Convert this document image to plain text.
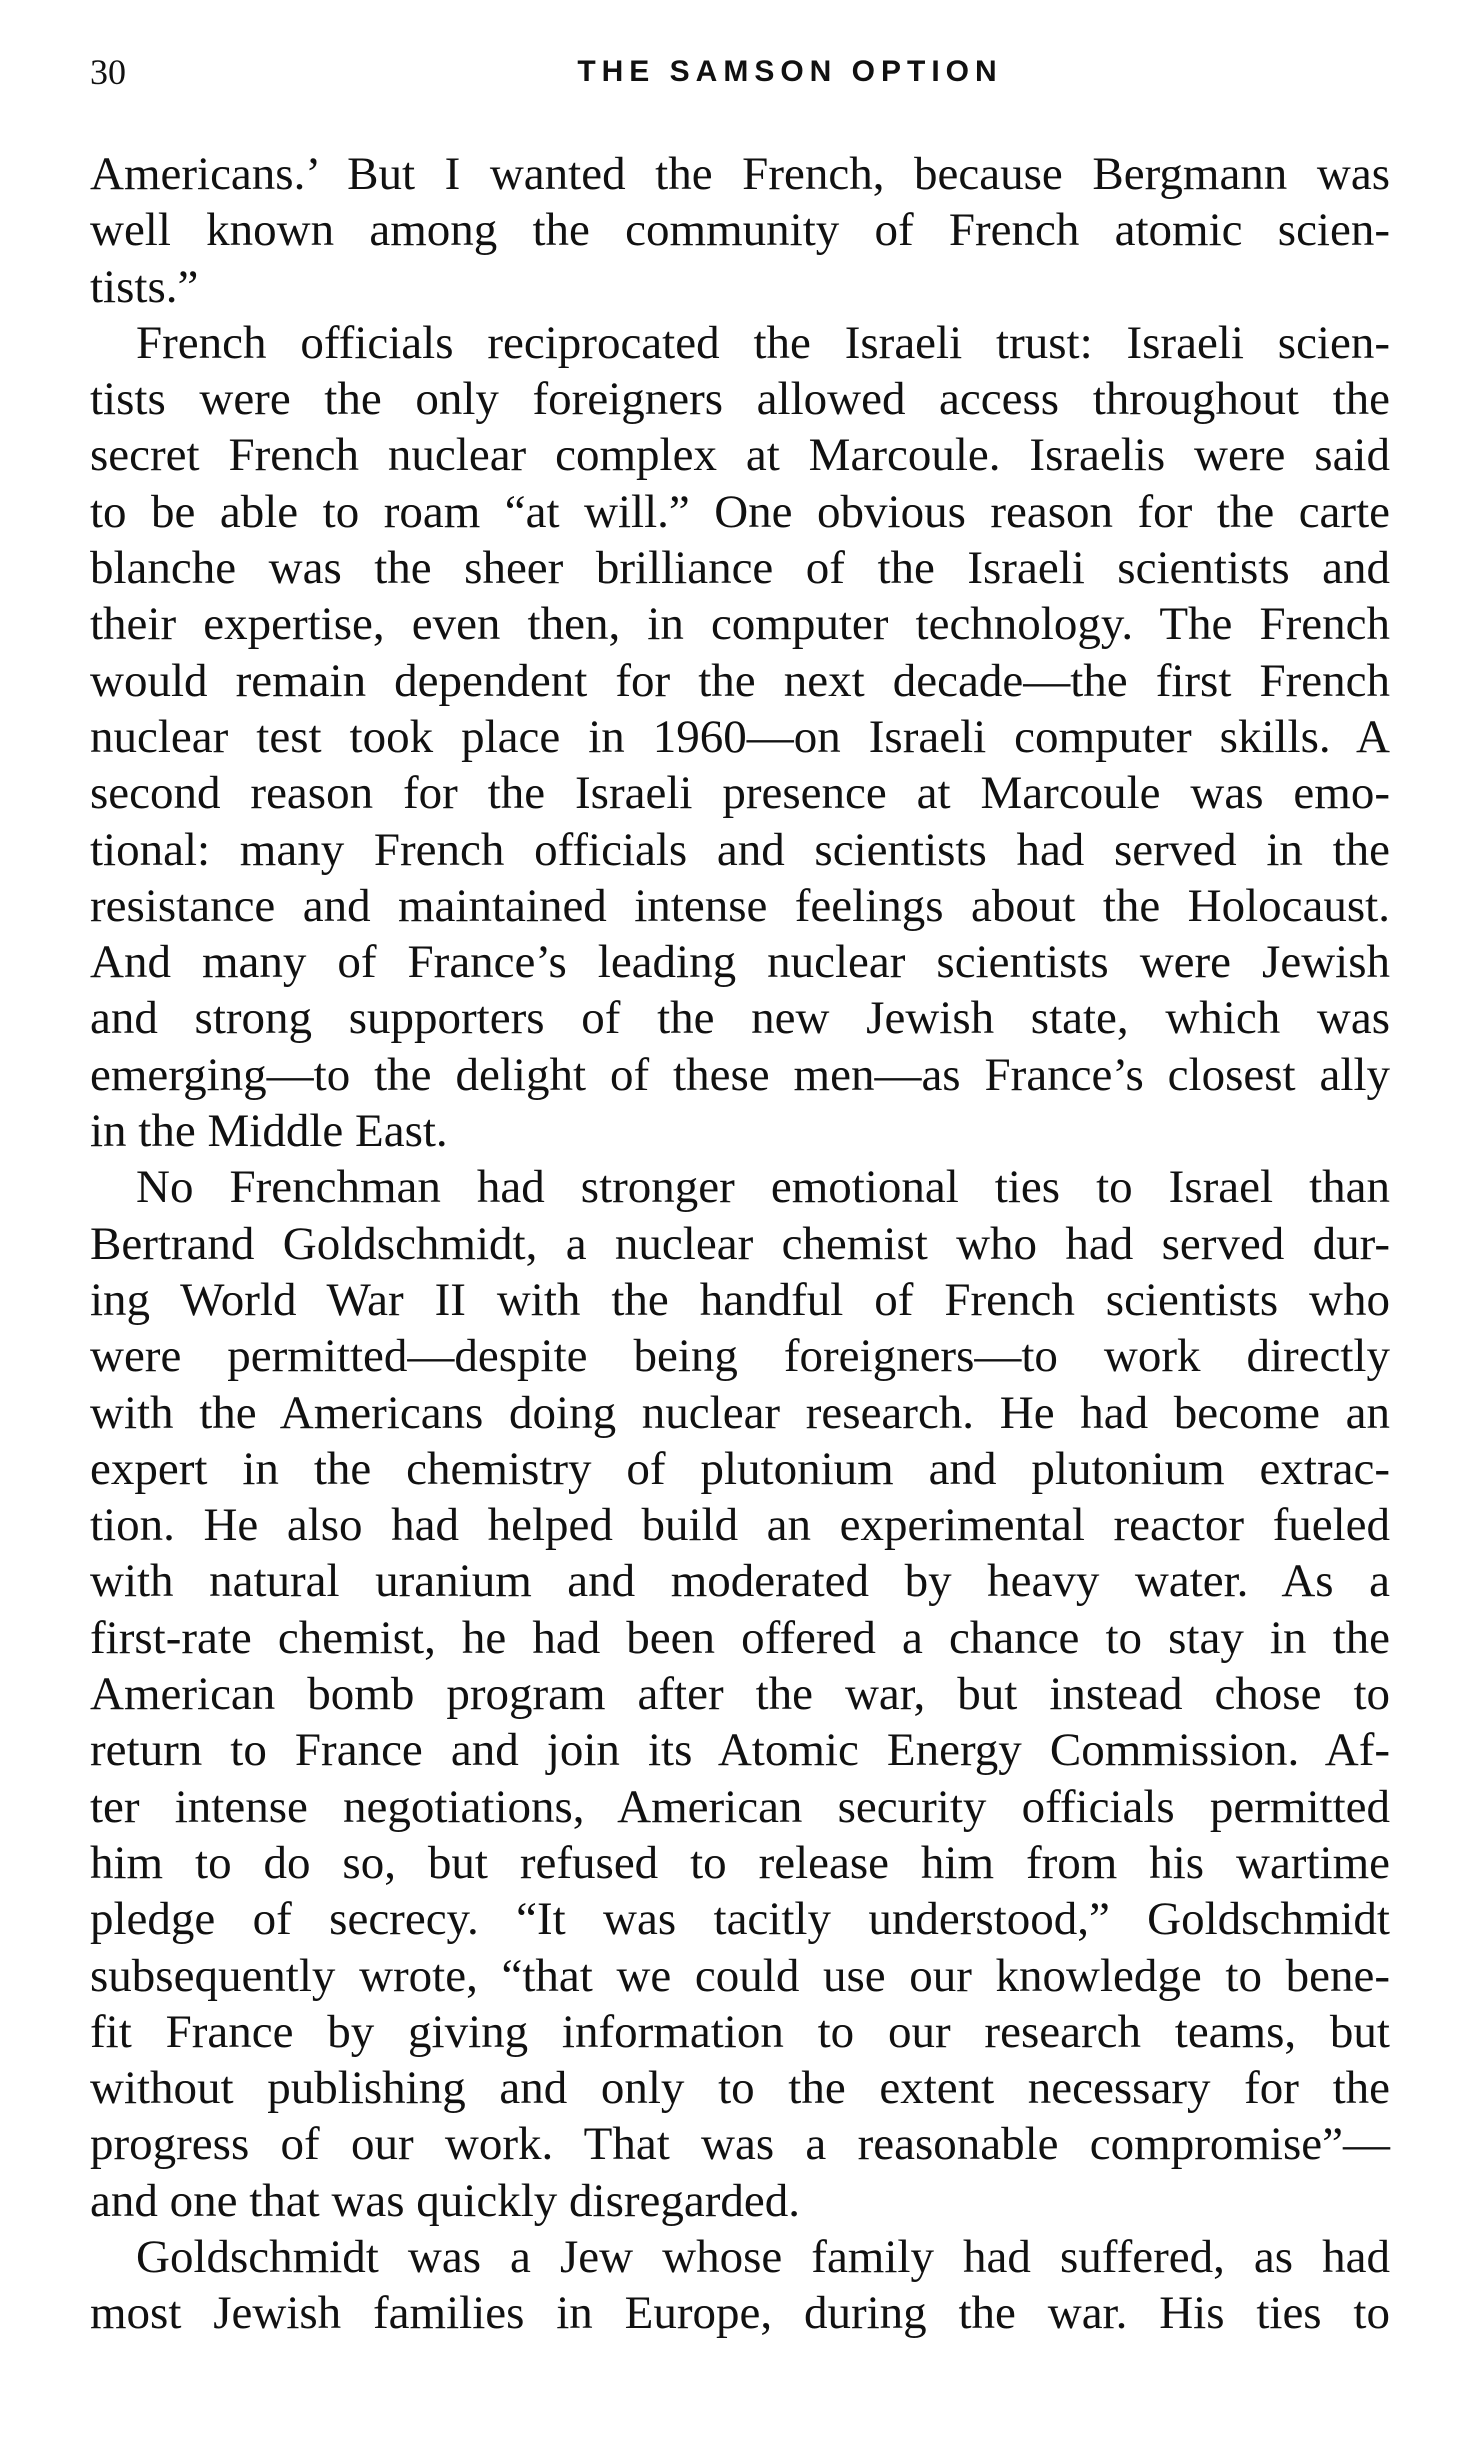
30	THE SAMSON OPTION
Americans.’ But I wanted the French, because Bergmann was
well known among the community of French atomic scien-
tists.”
French officials reciprocated the Israeli trust: Israeli scien-
tists were the only foreigners allowed access throughout the
secret French nuclear complex at Marcoule. Israelis were said
to be able to roam “at will.” One obvious reason for the carte
blanche was the sheer brilliance of the Israeli scientists and
their expertise, even then, in computer technology. The French
would remain dependent for the next decade—the first French
nuclear test took place in 1960—on Israeli computer skills. A
second reason for the Israeli presence at Marcoule was emo-
tional: many French officials and scientists had served in the
resistance and maintained intense feelings about the Holocaust.
And many of France’s leading nuclear scientists were Jewish
and strong supporters of the new Jewish state, which was
emerging—to the delight of these men—as France’s closest ally
in the Middle East.
No Frenchman had stronger emotional ties to Israel than
Bertrand Goldschmidt, a nuclear chemist who had served dur-
ing World War II with the handful of French scientists who
were permitted—despite being foreigners—to work directly
with the Americans doing nuclear research. He had become an
expert in the chemistry of plutonium and plutonium extrac-
tion. He also had helped build an experimental reactor fueled
with natural uranium and moderated by heavy water. As a
first-rate chemist, he had been offered a chance to stay in the
American bomb program after the war, but instead chose to
return to France and join its Atomic Energy Commission. Af-
ter intense negotiations, American security officials permitted
him to do so, but refused to release him from his wartime
pledge of secrecy. “It was tacitly understood,” Goldschmidt
subsequently wrote, “that we could use our knowledge to bene-
fit France by giving information to our research teams, but
without publishing and only to the extent necessary for the
progress of our work. That was a reasonable compromise”—
and one that was quickly disregarded.
Goldschmidt was a Jew whose family had suffered, as had
most Jewish families in Europe, during the war. His ties to
